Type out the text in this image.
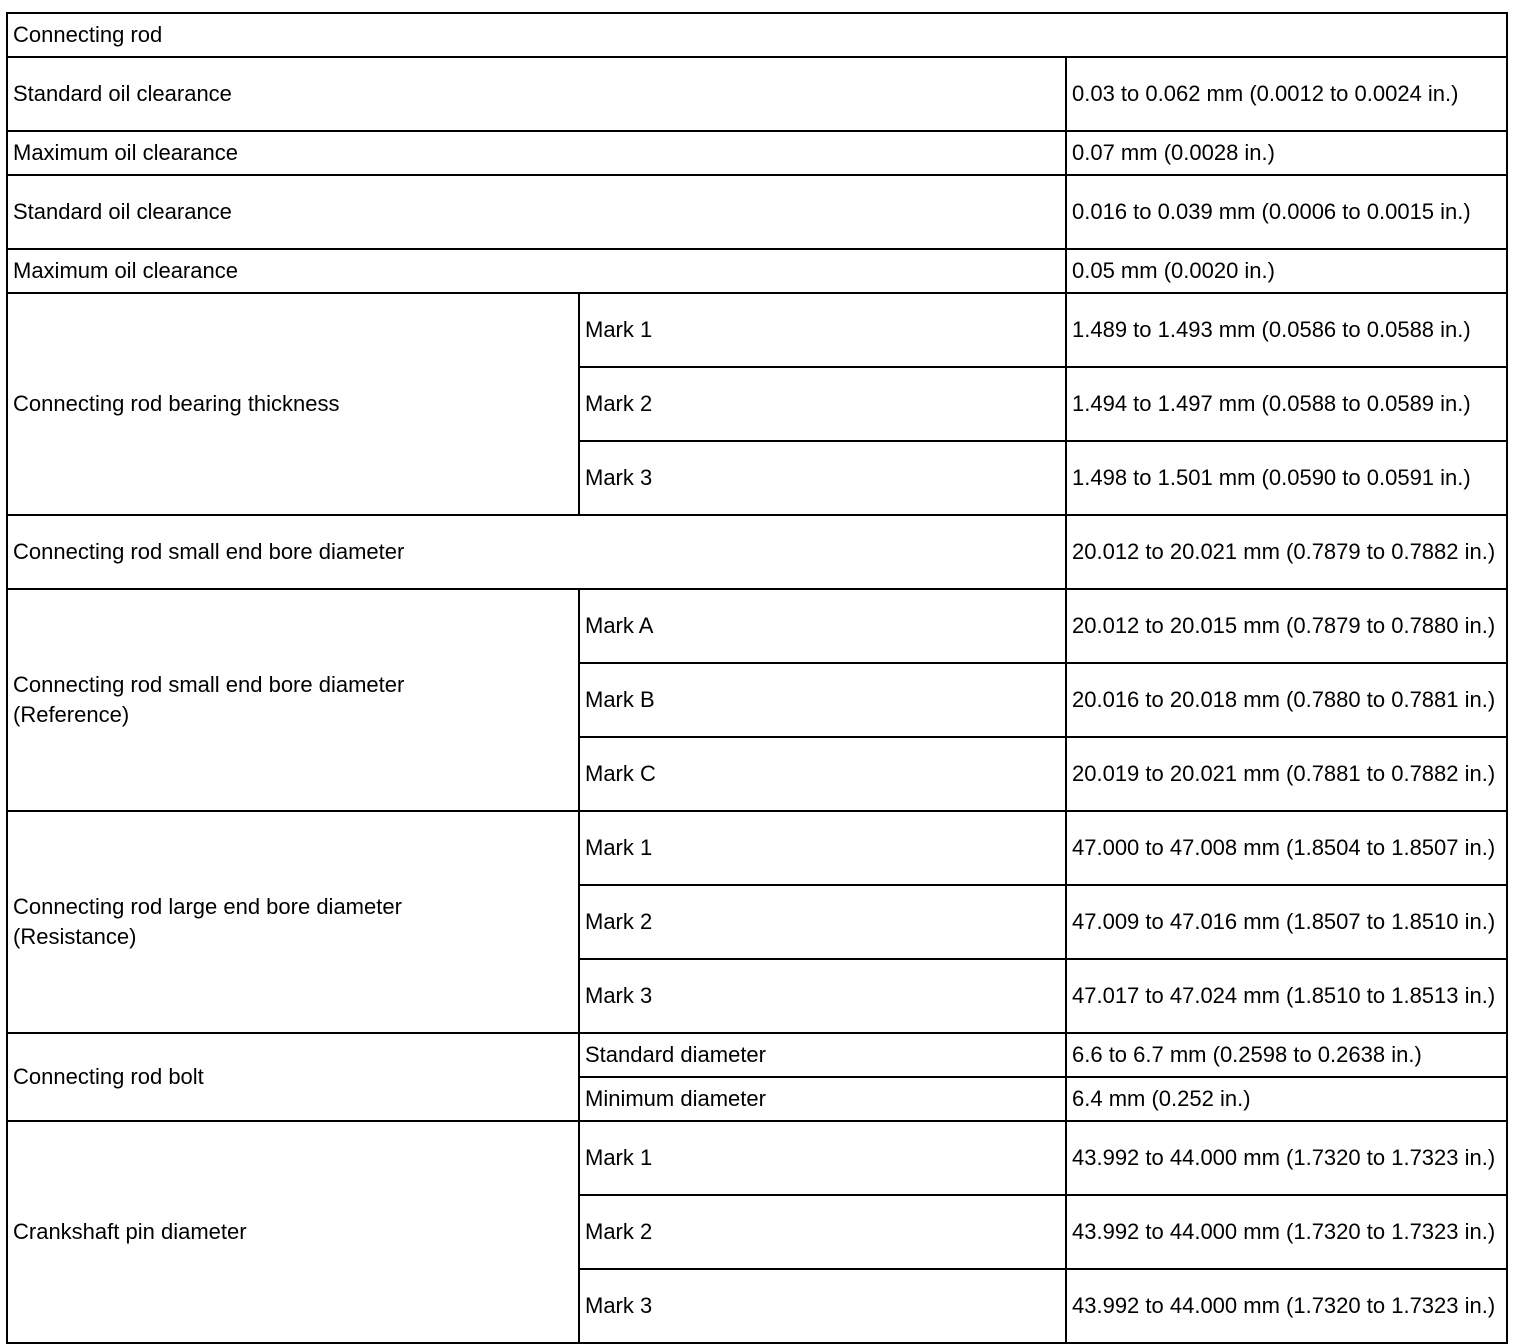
Connecting rod		
Standard oil clearance		0.03 to 0.062 mm (0.0012 to 0.0024 in.)
Maximum oil clearance		0.07 mm (0.0028 in.)
Standard oil clearance		0.016 to 0.039 mm (0.0006 to 0.0015 in.)
Maximum oil clearance		0.05 mm (0.0020 in.)
Connecting rod bearing thickness	Mark 1	1.489 to 1.493 mm (0.0586 to 0.0588 in.)
	Mark 2	1.494 to 1.497 mm (0.0588 to 0.0589 in.)
	Mark 3	1.498 to 1.501 mm (0.0590 to 0.0591 in.)
Connecting rod small end bore diameter		20.012 to 20.021 mm (0.7879 to 0.7882 in.)
Connecting rod small end bore diameter
(Reference)	Mark A	20.012 to 20.015 mm (0.7879 to 0.7880 in.)
	Mark B	20.016 to 20.018 mm (0.7880 to 0.7881 in.)
	Mark C	20.019 to 20.021 mm (0.7881 to 0.7882 in.)
Connecting rod large end bore diameter
(Resistance)	Mark 1	47.000 to 47.008 mm (1.8504 to 1.8507 in.)
	Mark 2	47.009 to 47.016 mm (1.8507 to 1.8510 in.)
	Mark 3	47.017 to 47.024 mm (1.8510 to 1.8513 in.)
Connecting rod bolt	Standard diameter	6.6 to 6.7 mm (0.2598 to 0.2638 in.)
	Minimum diameter	6.4 mm (0.252 in.)
Crankshaft pin diameter	Mark 1	43.992 to 44.000 mm (1.7320 to 1.7323 in.)
	Mark 2	43.992 to 44.000 mm (1.7320 to 1.7323 in.)
	Mark 3	43.992 to 44.000 mm (1.7320 to 1.7323 in.)
